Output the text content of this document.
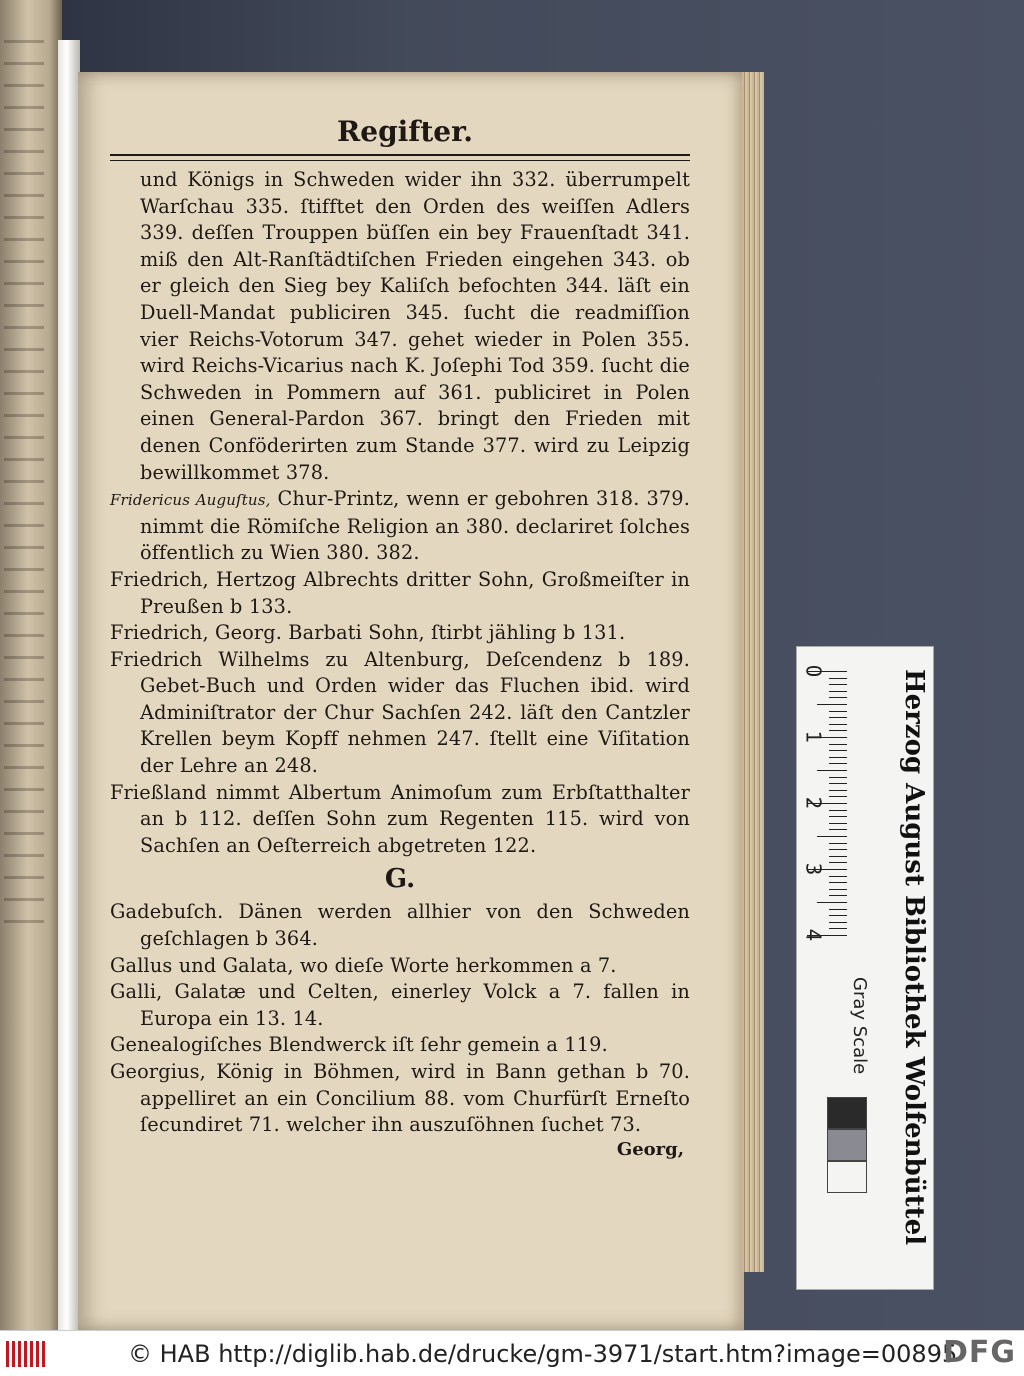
Regifter.
und Königs in Schweden wider ihn 332. überrumpelt Warſchau 335. ſtifftet den Orden des weiſſen Adlers 339. deſſen Trouppen büſſen ein bey Frauenſtadt 341. miß den Alt-Ranſtädtiſchen Frieden eingehen 343. ob er gleich den Sieg bey Kaliſch befochten 344. läſt ein Duell-Mandat publiciren 345. ſucht die readmiſſion vier Reichs-Votorum 347. gehet wieder in Polen 355. wird Reichs-Vicarius nach K. Joſephi Tod 359. ſucht die Schweden in Pommern auf 361. publiciret in Polen einen General-Pardon 367. bringt den Frieden mit denen Conföderirten zum Stande 377. wird zu Leipzig bewillkommet 378.
Fridericus Auguſtus, Chur-Printz, wenn er gebohren 318. 379. nimmt die Römiſche Religion an 380. declariret ſolches öffentlich zu Wien 380. 382.
Friedrich, Hertzog Albrechts dritter Sohn, Großmeiſter in Preußen b 133.
Friedrich, Georg. Barbati Sohn, ſtirbt jähling b 131.
Friedrich Wilhelms zu Altenburg, Deſcendenz b 189. Gebet-Buch und Orden wider das Fluchen ibid. wird Adminiſtrator der Chur Sachſen 242. läſt den Cantzler Krellen beym Kopff nehmen 247. ſtellt eine Viſitation der Lehre an 248.
Frießland nimmt Albertum Animoſum zum Erbſtatthalter an b 112. deſſen Sohn zum Regenten 115. wird von Sachſen an Oeſterreich abgetreten 122.
G.
Gadebuſch. Dänen werden allhier von den Schweden geſchlagen b 364.
Gallus und Galata, wo dieſe Worte herkommen a 7.
Galli, Galatæ und Celten, einerley Volck a 7. fallen in Europa ein 13. 14.
Genealogiſches Blendwerck iſt ſehr gemein a 119.
Georgius, König in Böhmen, wird in Bann gethan b 70. appelliret an ein Concilium 88. vom Churfürſt Erneſto ſecundiret 71. welcher ihn auszuſöhnen ſuchet 73.
Georg,
0
1
2
3
4	Herzog August Bibliothek Wolfenbüttel
Gray Scale
© HAB http://diglib.hab.de/drucke/gm-3971/start.htm?image=00895
DFG
